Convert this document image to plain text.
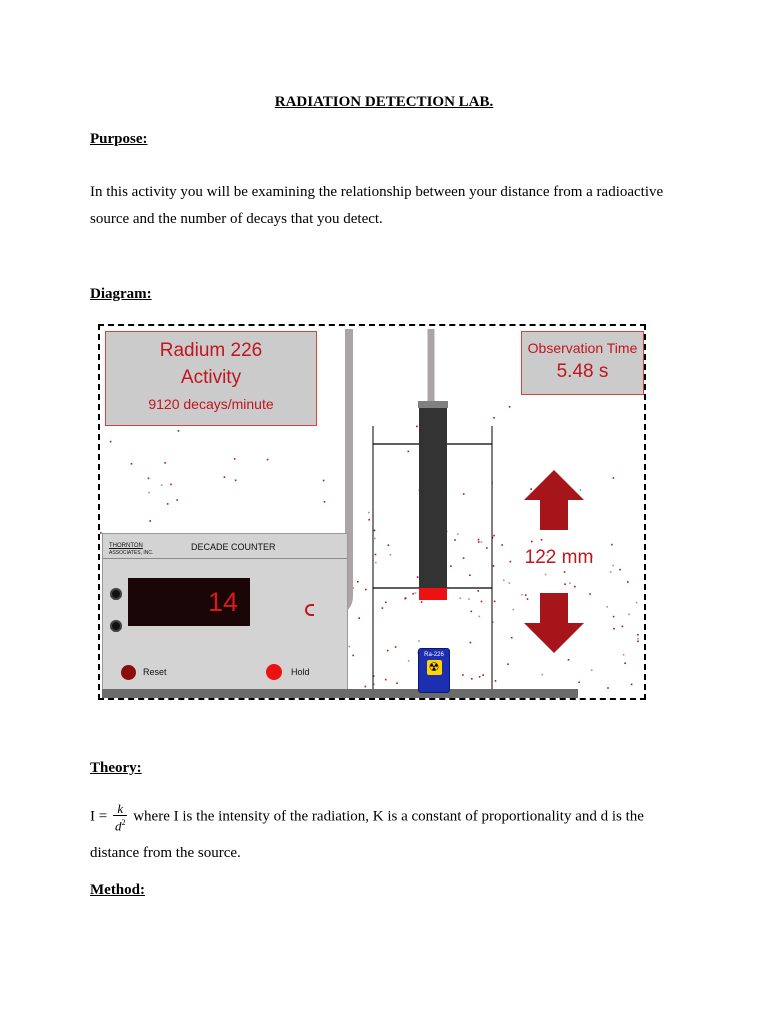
RADIATION DETECTION LAB.
Purpose:
In this activity you will be examining the relationship between your distance from a radioactive
source and the number of decays that you detect.
Diagram:
Radium 226
Activity
9120 decays/minute
Observation Time
5.48 s
THORNTON
ASSOCIATES, INC.
DECADE COUNTER
14
Reset	Hold
Ra-226
☢
122 mm
Theory:
$I = \frac{k}{d^2}$ where I is the intensity of the radiation, K is a constant of proportionality and d is the
distance from the source.
Method:
